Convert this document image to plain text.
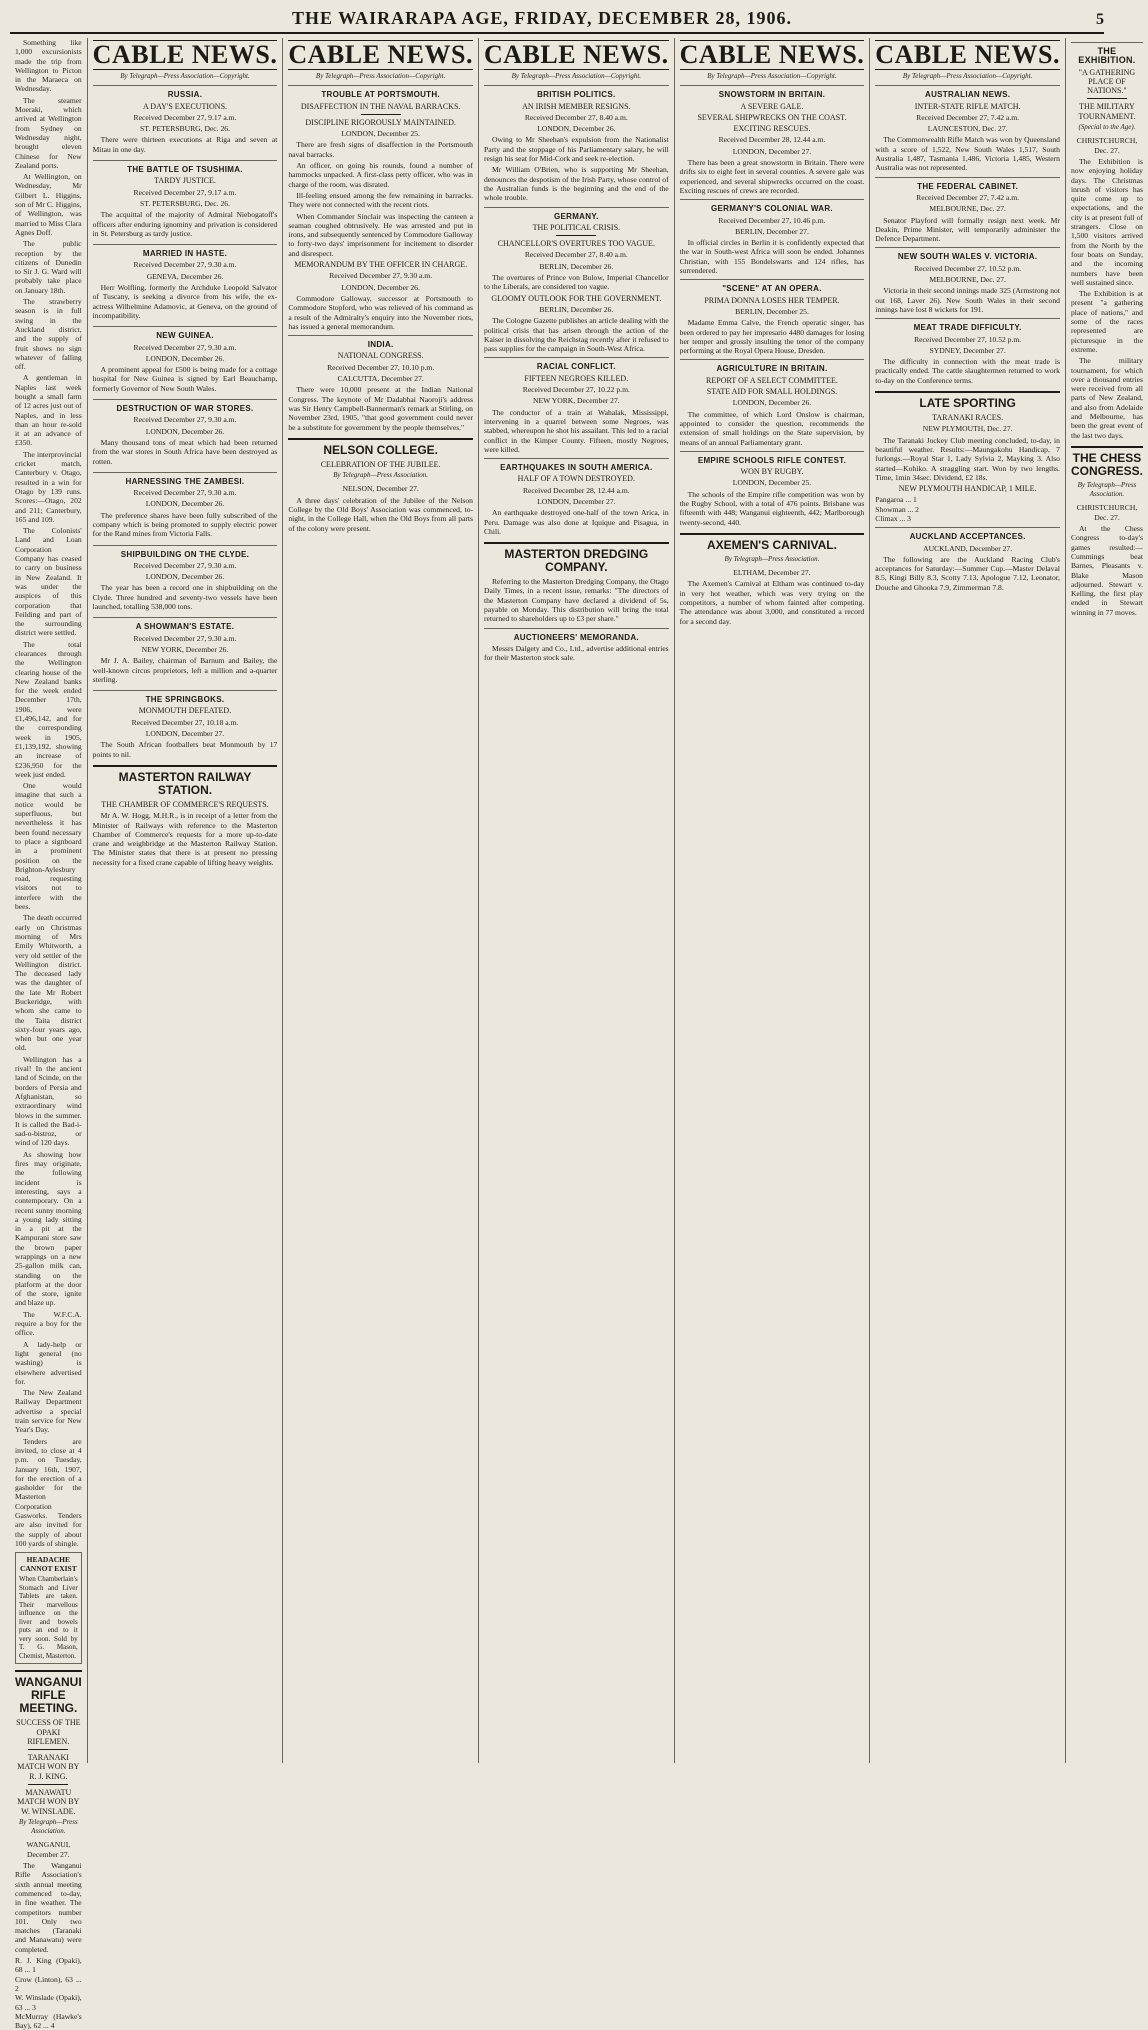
THE WAIRARAPA AGE, FRIDAY, DECEMBER 28, 1906.	5

Something like 1,000 excursionists made the trip from Wellington to Picton in the Maraeca on Wednesday.

The steamer Moeraki, which arrived at Wellington from Sydney on Wednesday night, brought eleven Chinese for New Zealand ports.

At Wellington, on Wednesday, Mr Gilbert L. Higgins, son of Mr C. Higgins, of Wellington, was married to Miss Clara Agnes Doff.

The public reception by the citizens of Dunedin to Sir J. G. Ward will probably take place on January 18th.

The strawberry season is in full swing in the Auckland district, and the supply of fruit shows no sign whatever of falling off.

A gentleman in Naples last week bought a small farm of 12 acres just out of Naples, and in less than an hour re-sold it at an advance of £350.

The interprovincial cricket match, Canterbury v. Otago, resulted in a win for Otago by 139 runs. Scores:—Otago, 202 and 211; Canterbury, 165 and 109.

The Colonists' Land and Loan Corporation Company has ceased to carry on business in New Zealand. It was under the auspices of this corporation that Feilding and part of the surrounding district were settled.

The total clearances through the Wellington clearing house of the New Zealand banks for the week ended December 17th, 1906, were £1,496,142, and for the corresponding week in 1905, £1,139,192, showing an increase of £236,950 for the week just ended.

One would imagine that such a notice would be superfluous, but nevertheless it has been found necessary to place a signboard in a prominent position on the Brighton-Aylesbury road, requesting visitors not to interfere with the bees.

The death occurred early on Christmas morning of Mrs Emily Whitworth, a very old settler of the Wellington district. The deceased lady was the daughter of the late Mr Robert Buckeridge, with whom she came to the Taita district sixty-four years ago, when but one year old.

Wellington has a rival! In the ancient land of Scinde, on the borders of Persia and Afghanistan, so extraordinary wind blows in the summer. It is called the Bad-i-sad-o-bistroz, or wind of 120 days.

As showing how fires may originate, the following incident is interesting, says a contemporary. On a recent sunny morning a young lady sitting in a pit at the Kampurani store saw the brown paper wrappings on a new 25-gallon milk can, standing on the platform at the door of the store, ignite and blaze up.

The W.F.C.A. require a boy for the office.

A lady-help or light general (no washing) is elsewhere advertised for.

The New Zealand Railway Department advertise a special train service for New Year's Day.

Tenders are invited, to close at 4 p.m. on Tuesday, January 16th, 1907, for the erection of a gasholder for the Masterton Corporation Gasworks. Tenders are also invited for the supply of about 100 yards of shingle.

HEADACHE CANNOT EXIST
When Chamberlain's Stomach and Liver Tablets are taken. Their marvellous influence on the liver and bowels puts an end to it very soon. Sold by T. G. Mason, Chemist, Masterton.
WANGANUI RIFLE MEETING.
SUCCESS OF THE OPAKI RIFLEMEN.
TARANAKI MATCH WON BY R. J. KING.
MANAWATU MATCH WON BY W. WINSLADE.
By Telegraph—Press Association.
WANGANUI, December 27.

The Wanganui Rifle Association's sixth annual meeting commenced to-day, in fine weather. The competitors number 101. Only two matches (Taranaki and Manawatu) were completed.

R. J. King (Opaki), 68 ... 1
Crow (Linton), 63 ... 2
W. Winslade (Opaki), 63 ... 3
McMurray (Hawke's Bay), 62 ... 4
CABLE NEWS.
By Telegraph—Press Association—Copyright.
RUSSIA.
A DAY'S EXECUTIONS.
Received December 27, 9.17 a.m.
ST. PETERSBURG, Dec. 26.

There were thirteen executions at Riga and seven at Mitau in one day.

THE BATTLE OF TSUSHIMA.
TARDY JUSTICE.
Received December 27, 9.17 a.m.
ST. PETERSBURG, Dec. 26.

The acquittal of the majority of Admiral Niebogatoff's officers after enduring ignominy and privation is considered in St. Petersburg as tardy justice.

MARRIED IN HASTE.
Received December 27, 9.30 a.m.
GENEVA, December 26.

Herr Wolfling, formerly the Archduke Leopold Salvator of Tuscany, is seeking a divorce from his wife, the ex-actress Wilhelmine Adamovic, at Geneva, on the ground of incompatibility.

NEW GUINEA.
Received December 27, 9.30 a.m.
LONDON, December 26.

A prominent appeal for £500 is being made for a cottage hospital for New Guinea is signed by Earl Beauchamp, formerly Governor of New South Wales.

DESTRUCTION OF WAR STORES.
Received December 27, 9.30 a.m.
LONDON, December 26.

Many thousand tons of meat which had been returned from the war stores in South Africa have been destroyed as rotten.

HARNESSING THE ZAMBESI.
Received December 27, 9.30 a.m.
LONDON, December 26.

The preference shares have been fully subscribed of the company which is being promoted to supply electric power for the Rand mines from Victoria Falls.

SHIPBUILDING ON THE CLYDE.
Received December 27, 9.30 a.m.
LONDON, December 26.

The year has been a record one in shipbuilding on the Clyde. Three hundred and seventy-two vessels have been launched, totalling 538,000 tons.

A SHOWMAN'S ESTATE.
Received December 27, 9.30 a.m.
NEW YORK, December 26.

Mr J. A. Bailey, chairman of Barnum and Bailey, the well-known circus proprietors, left a million and a-quarter sterling.

THE SPRINGBOKS.
MONMOUTH DEFEATED.
Received December 27, 10.18 a.m.
LONDON, December 27.

The South African footballers beat Monmouth by 17 points to nil.

MASTERTON RAILWAY STATION.
THE CHAMBER OF COMMERCE'S REQUESTS.

Mr A. W. Hogg, M.H.R., is in receipt of a letter from the Minister of Railways with reference to the Masterton Chamber of Commerce's requests for a more up-to-date crane and weighbridge at the Masterton Railway Station. The Minister states that there is at present no pressing necessity for a fixed crane capable of lifting heavy weights.

CABLE NEWS.
By Telegraph—Press Association—Copyright.
TROUBLE AT PORTSMOUTH.
DISAFFECTION IN THE NAVAL BARRACKS.
DISCIPLINE RIGOROUSLY MAINTAINED.
LONDON, December 25.

There are fresh signs of disaffection in the Portsmouth naval barracks.

An officer, on going his rounds, found a number of hammocks unpacked. A first-class petty officer, who was in charge of the room, was disrated.

Ill-feeling ensued among the few remaining in barracks. They were not connected with the recent riots.

When Commander Sinclair was inspecting the canteen a seaman coughed obtrusively. He was arrested and put in irons, and subsequently sentenced by Commodore Galloway to forty-two days' imprisonment for incitement to disorder and disrespect.

MEMORANDUM BY THE OFFICER IN CHARGE.
Received December 27, 9.30 a.m.
LONDON, December 26.

Commodore Galloway, successor at Portsmouth to Commodore Stopford, who was relieved of his command as a result of the Admiralty's enquiry into the November riots, has issued a general memorandum.

INDIA.
NATIONAL CONGRESS.
Received December 27, 10.10 p.m.
CALCUTTA, December 27.

There were 10,000 present at the Indian National Congress. The keynote of Mr Dadabhai Naoroji's address was Sir Henry Campbell-Bannerman's remark at Stirling, on November 23rd, 1905, "that good government could never be a substitute for government by the people themselves."

NELSON COLLEGE.
CELEBRATION OF THE JUBILEE.
By Telegraph—Press Association.
NELSON, December 27.

A three days' celebration of the Jubilee of the Nelson College by the Old Boys' Association was commenced, to-night, in the College Hall, when the Old Boys from all parts of the colony were present.

CABLE NEWS.
By Telegraph—Press Association—Copyright.
BRITISH POLITICS.
AN IRISH MEMBER RESIGNS.
Received December 27, 8.40 a.m.
LONDON, December 26.

Owing to Mr Sheehan's expulsion from the Nationalist Party and the stoppage of his Parliamentary salary, he will resign his seat for Mid-Cork and seek re-election.

Mr William O'Brien, who is supporting Mr Sheehan, denounces the despotism of the Irish Party, whose control of the Australian funds is the beginning and the end of the whole trouble.

GERMANY.
THE POLITICAL CRISIS.
CHANCELLOR'S OVERTURES TOO VAGUE.
Received December 27, 8.40 a.m.
BERLIN, December 26.

The overtures of Prince von Bulow, Imperial Chancellor to the Liberals, are considered too vague.

GLOOMY OUTLOOK FOR THE GOVERNMENT.
BERLIN, December 26.

The Cologne Gazette publishes an article dealing with the political crisis that has arisen through the action of the Kaiser in dissolving the Reichstag recently after it refused to pass supplies for the campaign in South-West Africa.

RACIAL CONFLICT.
FIFTEEN NEGROES KILLED.
Received December 27, 10.22 p.m.
NEW YORK, December 27.

The conductor of a train at Wahalak, Mississippi, intervening in a quarrel between some Negroes, was stabbed, whereupon he shot his assailant. This led to a racial conflict in the Kimper County. Fifteen, mostly Negroes, were killed.

EARTHQUAKES IN SOUTH AMERICA.
HALF OF A TOWN DESTROYED.
Received December 28, 12.44 a.m.
LONDON, December 27.

An earthquake destroyed one-half of the town Arica, in Peru. Damage was also done at Iquique and Pisagua, in Chili.

MASTERTON DREDGING COMPANY.

Referring to the Masterton Dredging Company, the Otago Daily Times, in a recent issue, remarks: "The directors of the Masterton Company have declared a dividend of 5s, payable on Monday. This distribution will bring the total returned to shareholders up to £3 per share."

AUCTIONEERS' MEMORANDA.

Messrs Dalgety and Co., Ltd., advertise additional entries for their Masterton stock sale.

CABLE NEWS.
By Telegraph—Press Association—Copyright.
SNOWSTORM IN BRITAIN.
A SEVERE GALE.
SEVERAL SHIPWRECKS ON THE COAST.
EXCITING RESCUES.
Received December 28, 12.44 a.m.
LONDON, December 27.

There has been a great snowstorm in Britain. There were drifts six to eight feet in several counties. A severe gale was experienced, and several shipwrecks occurred on the coast. Exciting rescues of crews are recorded.

GERMANY'S COLONIAL WAR.
Received December 27, 10.46 p.m.
BERLIN, December 27.

In official circles in Berlin it is confidently expected that the war in South-west Africa will soon be ended. Johannes Christian, with 155 Bondelswarts and 124 rifles, has surrendered.

"SCENE" AT AN OPERA.
PRIMA DONNA LOSES HER TEMPER.
BERLIN, December 25.

Madame Emma Calve, the French operatic singer, has been ordered to pay her impresario 4480 damages for losing her temper and grossly insulting the tenor of the company performing at the Royal Opera House, Dresden.

AGRICULTURE IN BRITAIN.
REPORT OF A SELECT COMMITTEE.
STATE AID FOR SMALL HOLDINGS.
LONDON, December 26.

The committee, of which Lord Onslow is chairman, appointed to consider the question, recommends the extension of small holdings on the State supervision, by means of an annual Parliamentary grant.

EMPIRE SCHOOLS RIFLE CONTEST.
WON BY RUGBY.
LONDON, December 25.

The schools of the Empire rifle competition was won by the Rugby School, with a total of 476 points. Brisbane was fifteenth with 448; Wanganui eighteenth, 442; Marlborough twenty-second, 440.

AXEMEN'S CARNIVAL.
By Telegraph—Press Association.
ELTHAM, December 27.

The Axemen's Carnival at Eltham was continued to-day in very hot weather, which was very trying on the competitors, a number of whom fainted after competing. The attendance was about 3,000, and constituted a record for a second day.

CABLE NEWS.
By Telegraph—Press Association—Copyright.
AUSTRALIAN NEWS.
INTER-STATE RIFLE MATCH.
Received December 27, 7.42 a.m.
LAUNCESTON, Dec. 27.

The Commonwealth Rifle Match was won by Queensland with a score of 1,522, New South Wales 1,517, South Australia 1,487, Tasmania 1,486, Victoria 1,485, Western Australia was not represented.

THE FEDERAL CABINET.
Received December 27, 7.42 a.m.
MELBOURNE, Dec. 27.

Senator Playford will formally resign next week. Mr Deakin, Prime Minister, will temporarily administer the Defence Department.

NEW SOUTH WALES V. VICTORIA.
Received December 27, 10.52 p.m.
MELBOURNE, Dec. 27.

Victoria in their second innings made 325 (Armstrong not out 168, Laver 26). New South Wales in their second innings have lost 8 wickets for 191.

MEAT TRADE DIFFICULTY.
Received December 27, 10.52 p.m.
SYDNEY, December 27.

The difficulty in connection with the meat trade is practically ended. The cattle slaughtermen returned to work to-day on the Conference terms.

LATE SPORTING
TARANAKI RACES.
NEW PLYMOUTH, Dec. 27.

The Taranaki Jockey Club meeting concluded, to-day, in beautiful weather. Results:—Maungakohu Handicap, 7 furlongs.—Royal Star 1, Lady Sylvia 2, Mayking 3. Also started—Kohiko. A straggling start. Won by two lengths. Time, 1min 34sec. Dividend, £2 18s.

NEW PLYMOUTH HANDICAP, 1 MILE.
Pangaroa ... 1
Showman ... 2
Climax ... 3
AUCKLAND ACCEPTANCES.
AUCKLAND, December 27.

The following are the Auckland Racing Club's acceptances for Saturday:—Summer Cup.—Master Delaval 8.5, Kingi Billy 8.3, Scotty 7.13, Apologue 7.12, Leonator, Douche and Ghooka 7.9, Zimmerman 7.8.

THE EXHIBITION.
"A GATHERING PLACE OF NATIONS."
THE MILITARY TOURNAMENT.
(Special to the Age).
CHRISTCHURCH, Dec. 27.

The Exhibition is now enjoying holiday days. The Christmas inrush of visitors has quite come up to expectations, and the city is at present full of strangers. Close on 1,500 visitors arrived from the North by the four boats on Sunday, and the incoming numbers have been well sustained since.

The Exhibition is at present "a gathering place of nations," and some of the races represented are picturesque in the extreme.

The military tournament, for which over a thousand entries were received from all parts of New Zealand, and also from Adelaide and Melbourne, has been the great event of the last two days.

THE CHESS CONGRESS.
By Telegraph—Press Association.
CHRISTCHURCH, Dec. 27.

At the Chess Congress to-day's games resulted:—Cummings beat Barnes, Pleasants v. Blake Mason adjourned. Stewart v. Kelling, the first play ended in Stewart winning in 77 moves.
